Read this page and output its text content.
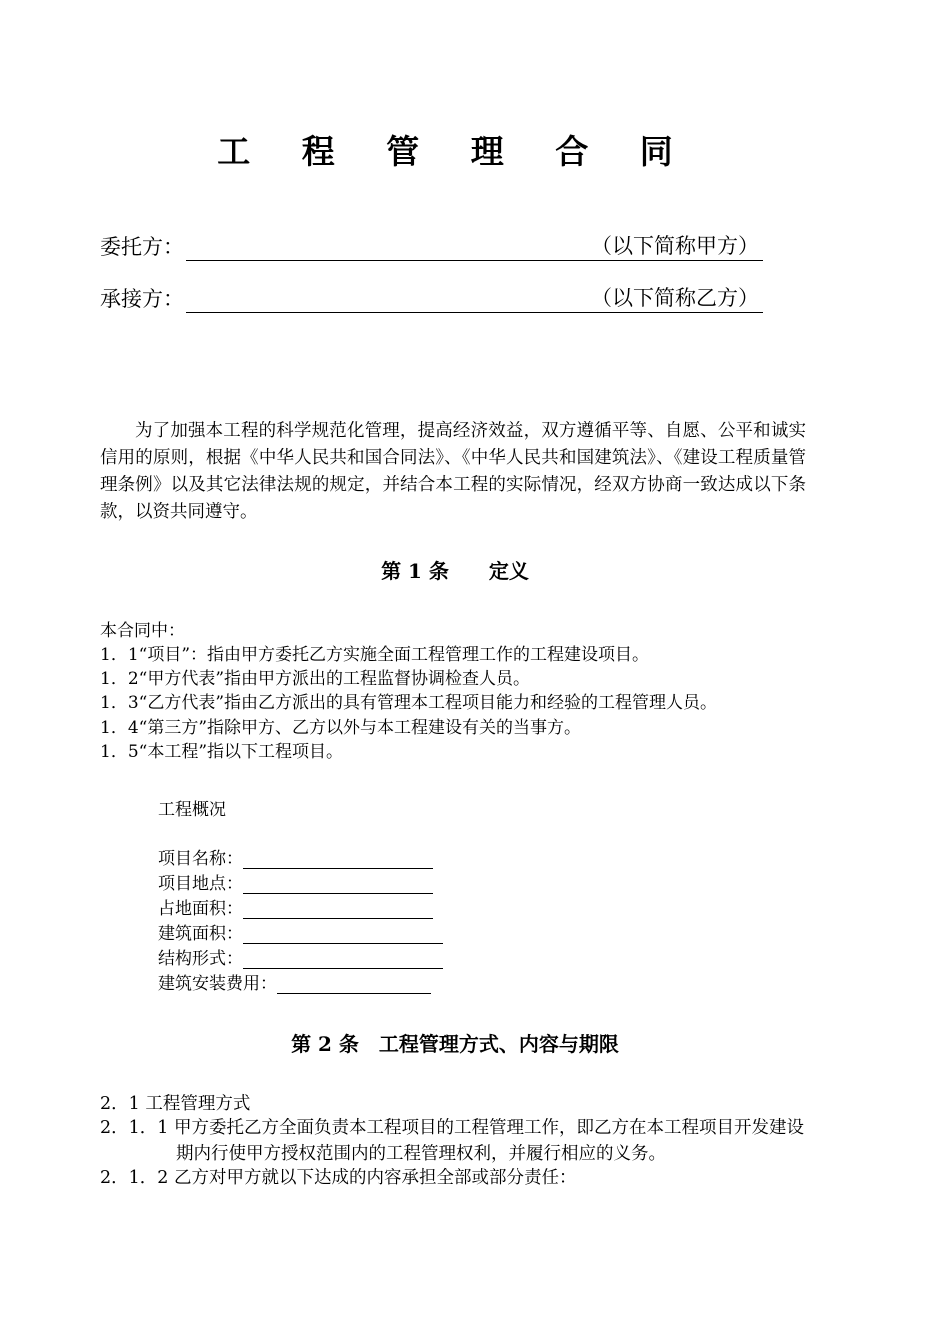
工 程 管 理 合 同
委托方：	（以下简称甲方）
承接方：	（以下简称乙方）
为了加强本工程的科学规范化管理，提高经济效益，双方遵循平等、自愿、公平和诚实信用的原则，根据《中华人民共和国合同法》、《中华人民共和国建筑法》、《建设工程质量管理条例》以及其它法律法规的规定，并结合本工程的实际情况，经双方协商一致达成以下条款，以资共同遵守。
第 1 条　　定义
本合同中：
1．1“项目”：指由甲方委托乙方实施全面工程管理工作的工程建设项目。
1．2“甲方代表”指由甲方派出的工程监督协调检查人员。
1．3“乙方代表”指由乙方派出的具有管理本工程项目能力和经验的工程管理人员。
1．4“第三方”指除甲方、乙方以外与本工程建设有关的当事方。
1．5“本工程”指以下工程项目。
工程概况
项目名称：
项目地点：
占地面积：
建筑面积：
结构形式：
建筑安装费用：
第 2 条　工程管理方式、内容与期限
2．1 工程管理方式
2．1．1 甲方委托乙方全面负责本工程项目的工程管理工作，即乙方在本工程项目开发建设期内行使甲方授权范围内的工程管理权利，并履行相应的义务。
2．1．2 乙方对甲方就以下达成的内容承担全部或部分责任：
